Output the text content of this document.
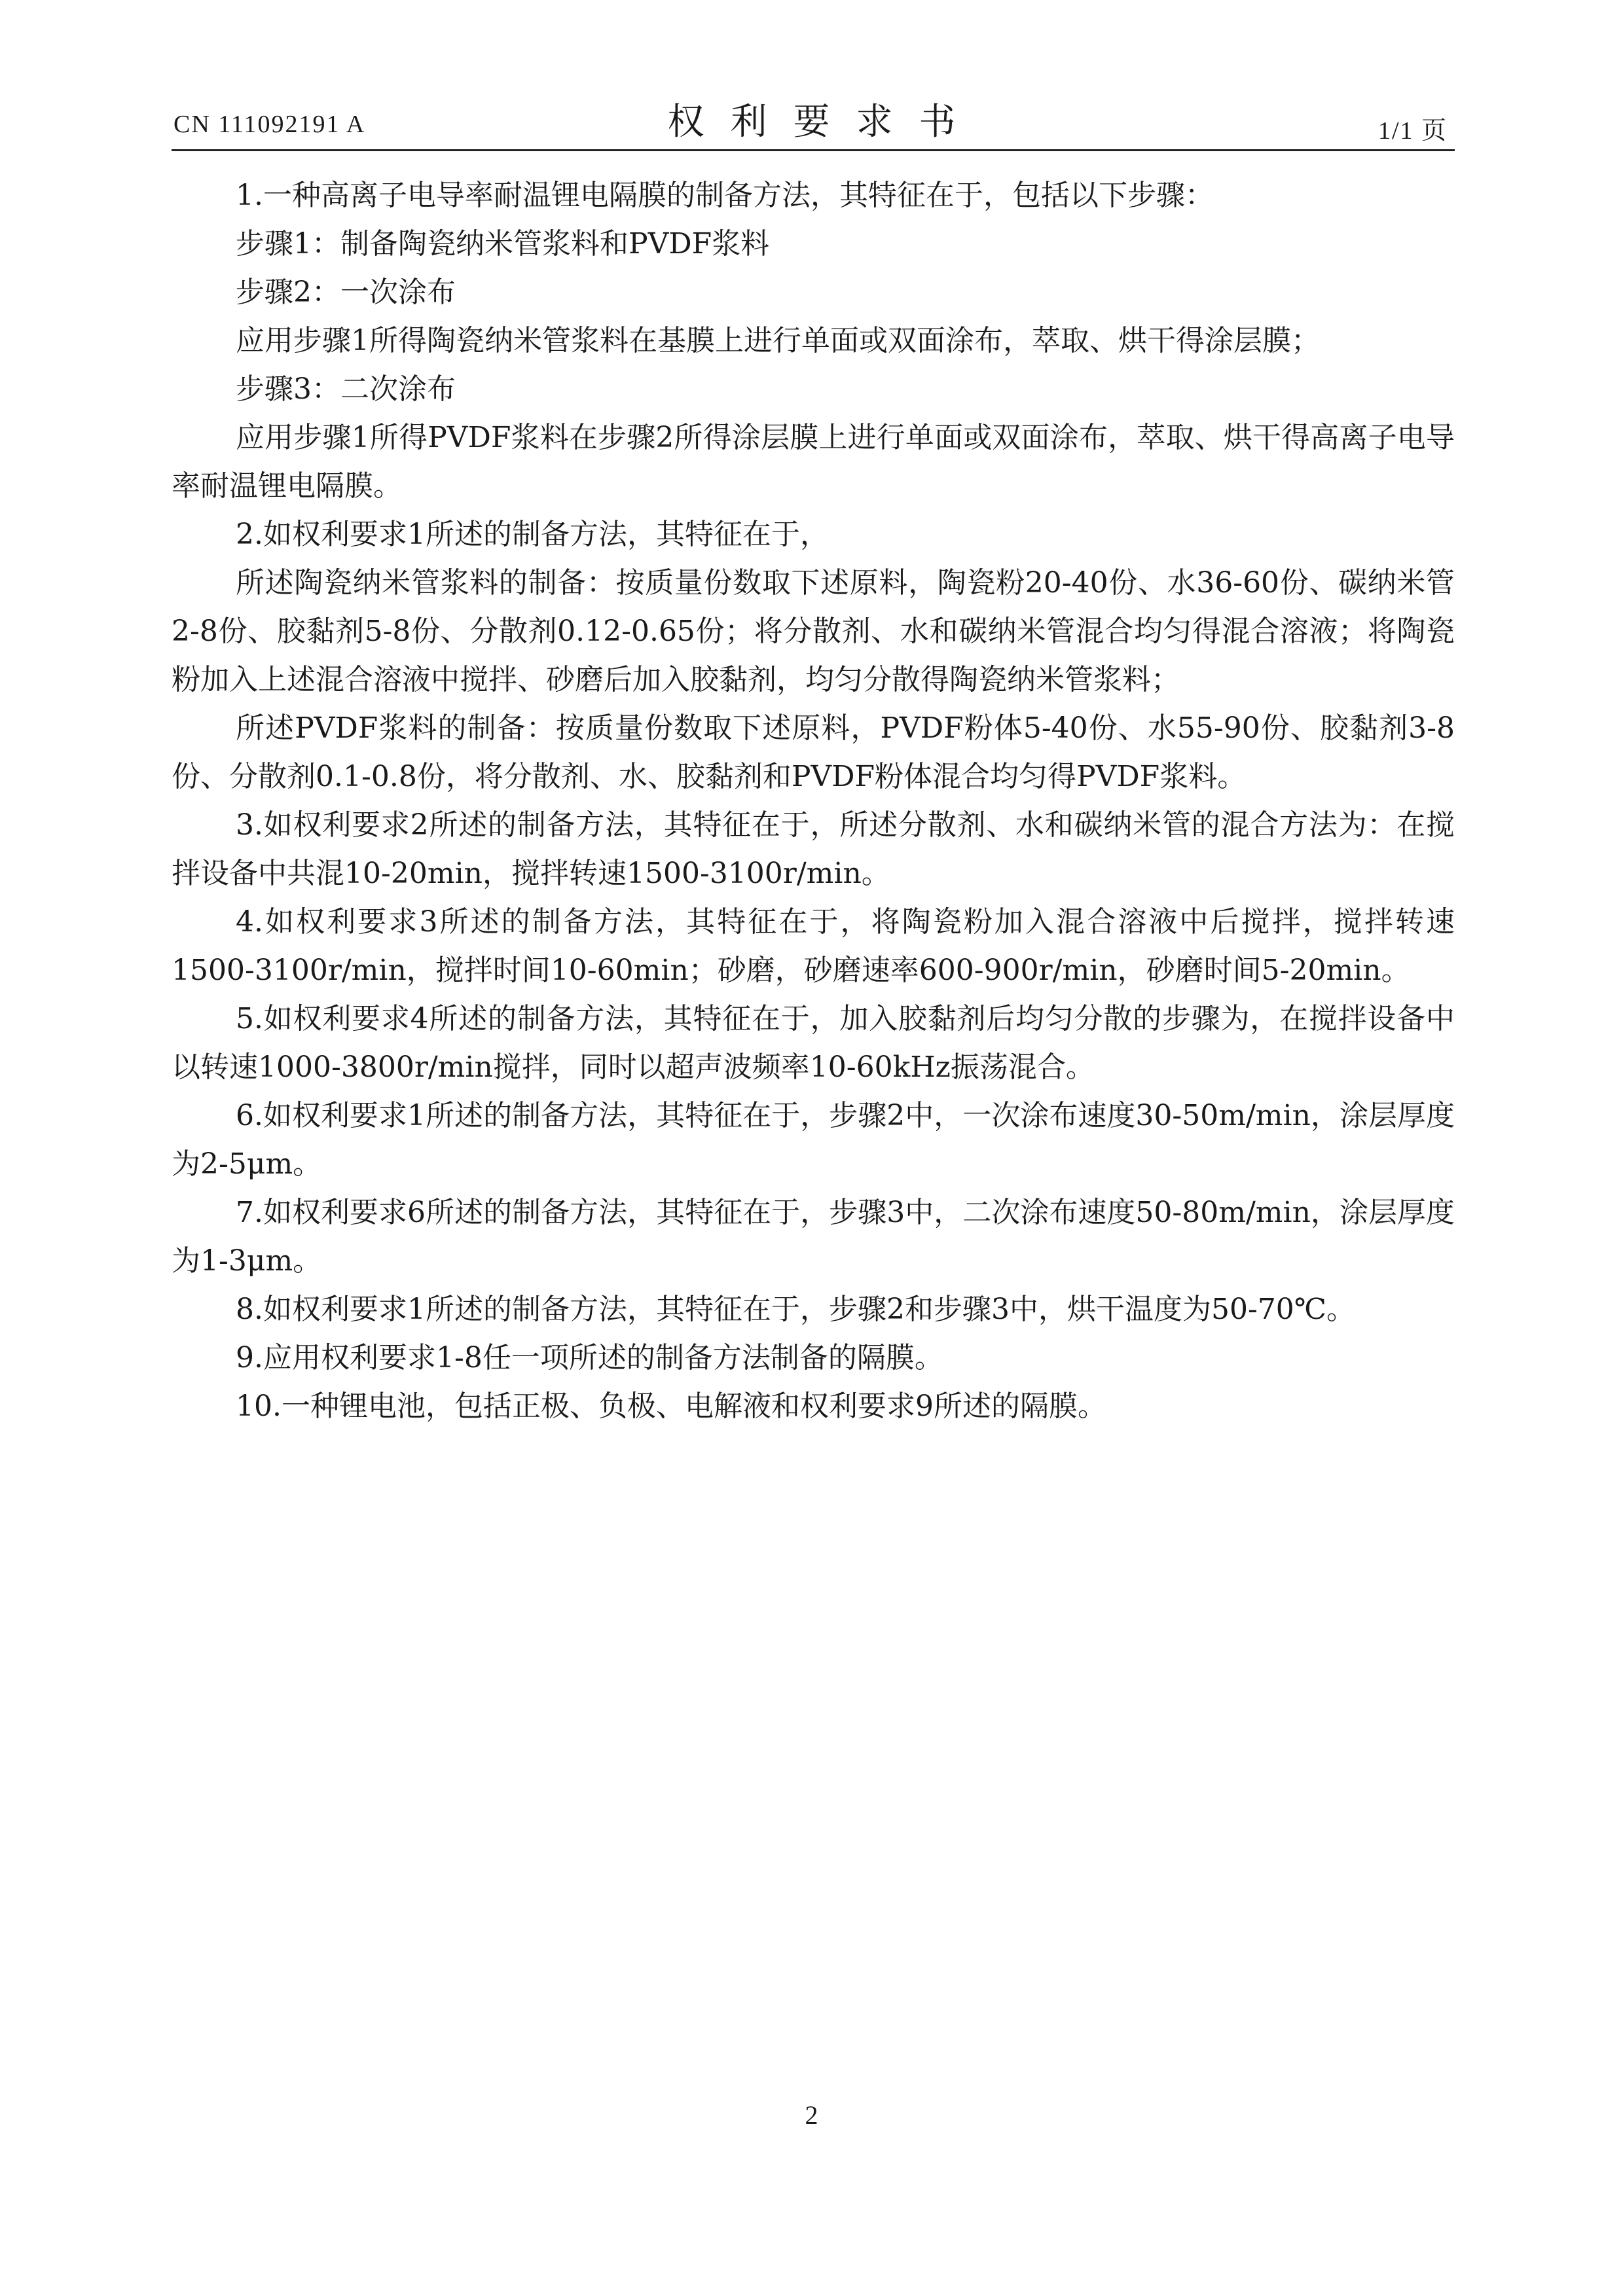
CN 111092191 A	权利要求书	1/1 页

1.一种高离子电导率耐温锂电隔膜的制备方法，其特征在于，包括以下步骤：

步骤1：制备陶瓷纳米管浆料和PVDF浆料

步骤2：一次涂布

应用步骤1所得陶瓷纳米管浆料在基膜上进行单面或双面涂布，萃取、烘干得涂层膜；

步骤3：二次涂布

应用步骤1所得PVDF浆料在步骤2所得涂层膜上进行单面或双面涂布，萃取、烘干得高离子电导率耐温锂电隔膜。

2.如权利要求1所述的制备方法，其特征在于，

所述陶瓷纳米管浆料的制备：按质量份数取下述原料，陶瓷粉20-40份、水36-60份、碳纳米管2-8份、胶黏剂5-8份、分散剂0.12-0.65份；将分散剂、水和碳纳米管混合均匀得混合溶液；将陶瓷粉加入上述混合溶液中搅拌、砂磨后加入胶黏剂，均匀分散得陶瓷纳米管浆料；

所述PVDF浆料的制备：按质量份数取下述原料，PVDF粉体5-40份、水55-90份、胶黏剂3-8份、分散剂0.1-0.8份，将分散剂、水、胶黏剂和PVDF粉体混合均匀得PVDF浆料。

3.如权利要求2所述的制备方法，其特征在于，所述分散剂、水和碳纳米管的混合方法为：在搅拌设备中共混10-20min，搅拌转速1500-3100r/min。

4.如权利要求3所述的制备方法，其特征在于，将陶瓷粉加入混合溶液中后搅拌，搅拌转速1500-3100r/min，搅拌时间10-60min；砂磨，砂磨速率600-900r/min，砂磨时间5-20min。

5.如权利要求4所述的制备方法，其特征在于，加入胶黏剂后均匀分散的步骤为，在搅拌设备中以转速1000-3800r/min搅拌，同时以超声波频率10-60kHz振荡混合。

6.如权利要求1所述的制备方法，其特征在于，步骤2中，一次涂布速度30-50m/min，涂层厚度为2-5μm。

7.如权利要求6所述的制备方法，其特征在于，步骤3中，二次涂布速度50-80m/min，涂层厚度为1-3μm。

8.如权利要求1所述的制备方法，其特征在于，步骤2和步骤3中，烘干温度为50-70℃。

9.应用权利要求1-8任一项所述的制备方法制备的隔膜。

10.一种锂电池，包括正极、负极、电解液和权利要求9所述的隔膜。

2
